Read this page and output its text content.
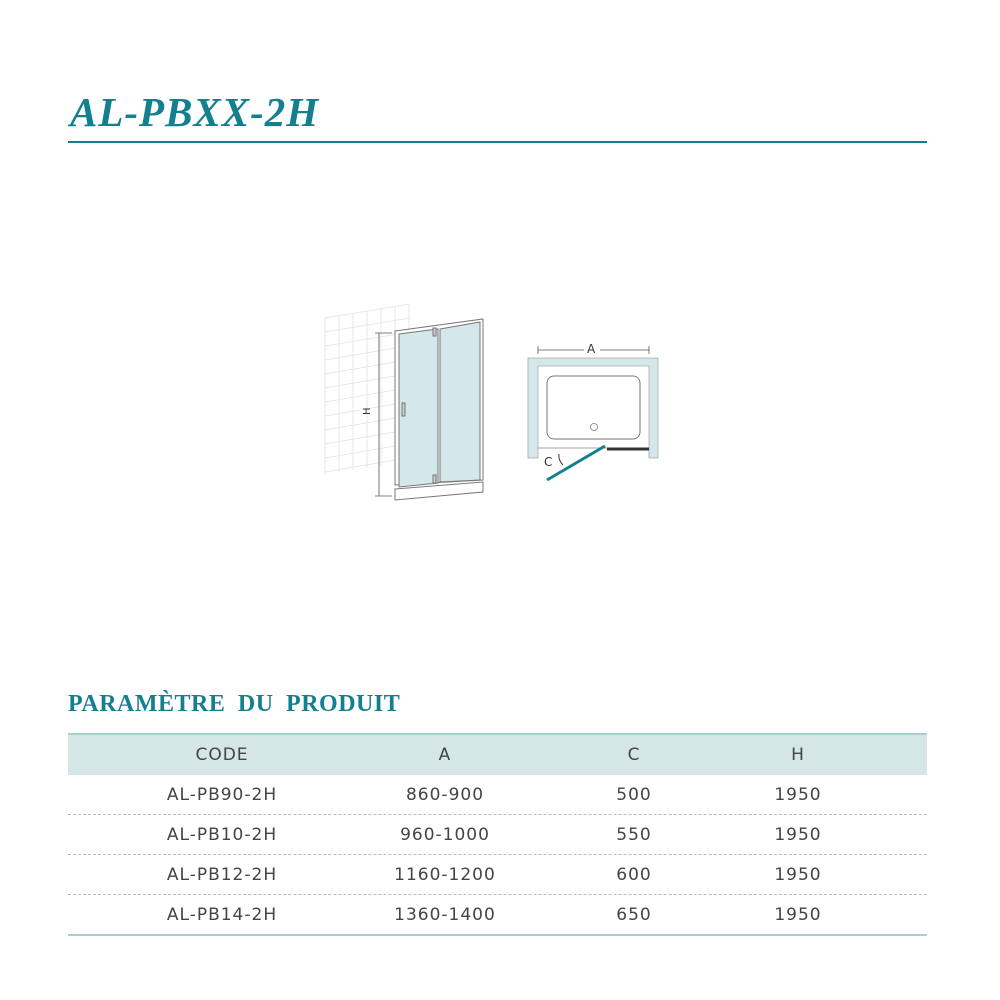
AL-PBXX-2H
H
A
C
PARAMÈTRE DU PRODUIT
CODE	A	C	H
AL-PB90-2H	860-900	500	1950
AL-PB10-2H	960-1000	550	1950
AL-PB12-2H	1160-1200	600	1950
AL-PB14-2H	1360-1400	650	1950
